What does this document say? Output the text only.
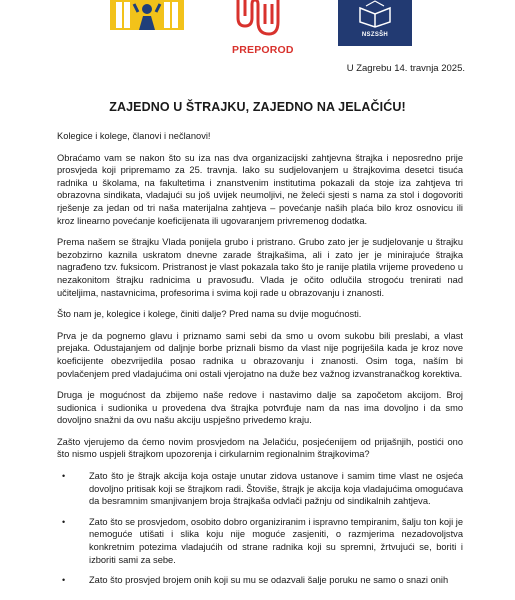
PREPOROD
NSZSŠH
U Zagrebu 14. travnja 2025.
ZAJEDNO U ŠTRAJKU, ZAJEDNO NA JELAČIĆU!

Kolegice i kolege, članovi i nečlanovi!

Obraćamo vam se nakon što su iza nas dva organizacijski zahtjevna štrajka i neposredno prije prosvjeda koji pripremamo za 25. travnja. Iako su sudjelovanjem u štrajkovima desetci tisuća radnika u školama, na fakultetima i znanstvenim institutima pokazali da stoje iza zahtjeva tri obrazovna sindikata, vladajući su još uvijek neumoljivi, ne želeći sjesti s nama za stol i dogovoriti rješenje za jedan od tri naša materijalna zahtjeva – povećanje naših plaća bilo kroz osnovicu ili kroz linearno povećanje koeficijenata ili ugovaranjem privremenog dodatka.

Prema našem se štrajku Vlada ponijela grubo i pristrano. Grubo zato jer je sudjelovanje u štrajku bezobzirno kaznila uskratom dnevne zarade štrajkašima, ali i zato jer je minirajuće štrajka nagrađeno tzv. fuksicom. Pristranost je vlast pokazala tako što je ranije platila vrijeme provedeno u nezakonitom štrajku radnicima u pravosuđu. Vlada je očito odlučila strogoću trenirati nad učiteljima, nastavnicima, profesorima i svima koji rade u obrazovanju i znanosti.

Što nam je, kolegice i kolege, činiti dalje? Pred nama su dvije mogućnosti.

Prva je da pognemo glavu i priznamo sami sebi da smo u ovom sukobu bili preslabi, a vlast prejaka. Odustajanjem od daljnje borbe priznali bismo da vlast nije pogriješila kada je kroz nove koeficijente obezvrijedila posao radnika u obrazovanju i znanosti. Osim toga, naším bi povlačenjem pred vladajućima oni ostali vjerojatno na duže bez važnog izvanstranačkog korektiva.

Druga je mogućnost da zbijemo naše redove i nastavimo dalje sa započetom akcijom. Broj sudionica i sudionika u provedena dva štrajka potvrđuje nam da nas ima dovoljno i da smo dovoljno snažni da ovu našu akciju uspješno privedemo kraju.

Zašto vjerujemo da ćemo novim prosvjedom na Jelačiću, posjećenijem od prijašnjih, postići ono što nismo uspjeli štrajkom upozorenja i cirkularnim regionalnim štrajkovima?

•	Zato što je štrajk akcija koja ostaje unutar zidova ustanove i samim time vlast ne osjeća dovoljno pritisak koji se štrajkom radi. Štoviše, štrajk je akcija koja vladajućima omogućava da besramnim smanjivanjem broja štrajkaša odvlači pažnju od sindikalnih zahtjeva.
•	Zato što se prosvjedom, osobito dobro organiziranim i ispravno tempiranim, šalju ton koji je nemoguće utišati i slika koju nije moguće zasjeniti, o razmjerima nezadovoljstva konkretnim potezima vladajućih od strane radnika koji su spremni, žrtvujući se, boriti i izboriti sami za sebe.
•	Zato što prosvjed brojem onih koji su mu se odazvali šalje poruku ne samo o snazi onih
